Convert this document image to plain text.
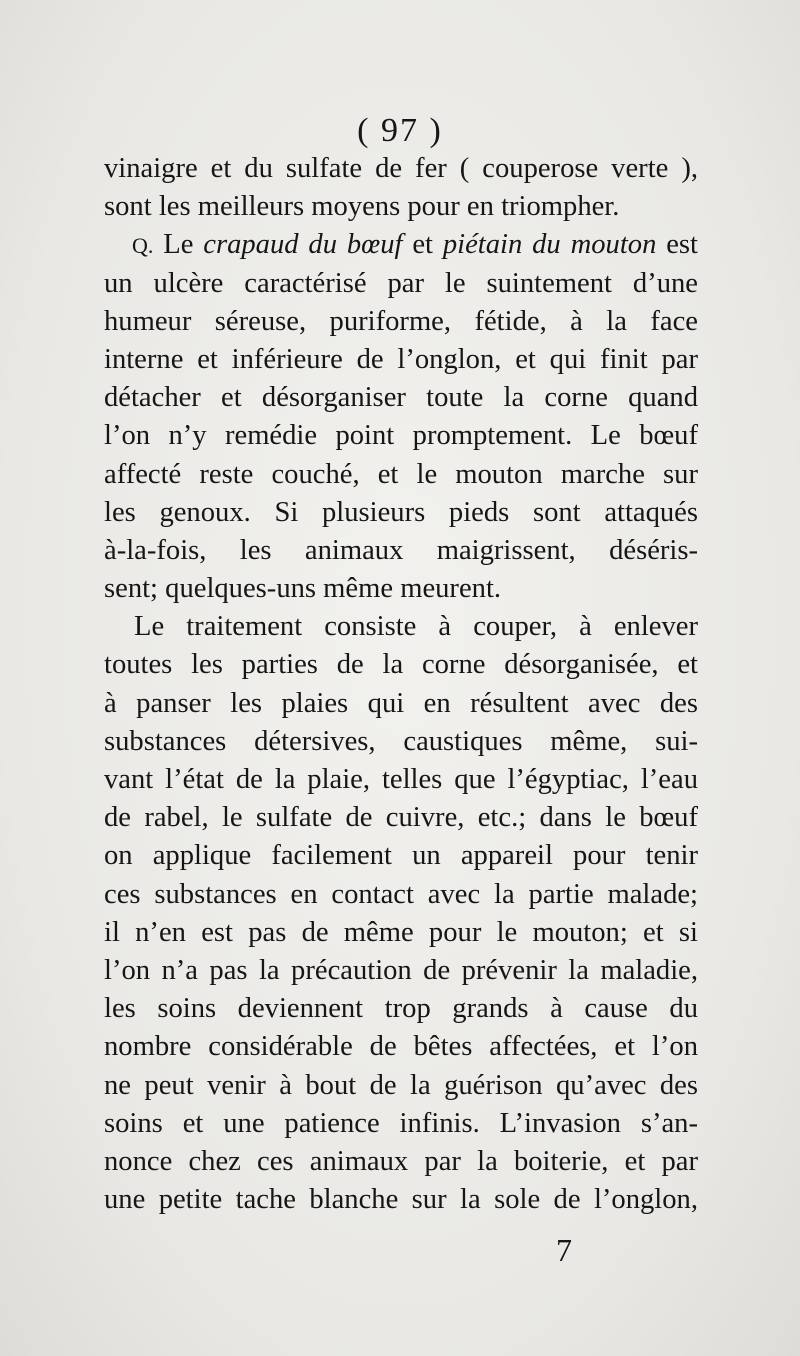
( 97 )
vinaigre et du sulfate de fer ( couperose verte ),
sont les meilleurs moyens pour en triompher.
Q. Le crapaud du bœuf et piétain du mouton est
un ulcère caractérisé par le suintement d’une
humeur séreuse, puriforme, fétide, à la face
interne et inférieure de l’onglon, et qui finit par
détacher et désorganiser toute la corne quand
l’on n’y remédie point promptement. Le bœuf
affecté reste couché, et le mouton marche sur
les genoux. Si plusieurs pieds sont attaqués
à-la-fois, les animaux maigrissent, déséris-
sent; quelques-uns même meurent.
Le traitement consiste à couper, à enlever
toutes les parties de la corne désorganisée, et
à panser les plaies qui en résultent avec des
substances détersives, caustiques même, sui-
vant l’état de la plaie, telles que l’égyptiac, l’eau
de rabel, le sulfate de cuivre, etc.; dans le bœuf
on applique facilement un appareil pour tenir
ces substances en contact avec la partie malade;
il n’en est pas de même pour le mouton; et si
l’on n’a pas la précaution de prévenir la maladie,
les soins deviennent trop grands à cause du
nombre considérable de bêtes affectées, et l’on
ne peut venir à bout de la guérison qu’avec des
soins et une patience infinis. L’invasion s’an-
nonce chez ces animaux par la boiterie, et par
une petite tache blanche sur la sole de l’onglon,
7
